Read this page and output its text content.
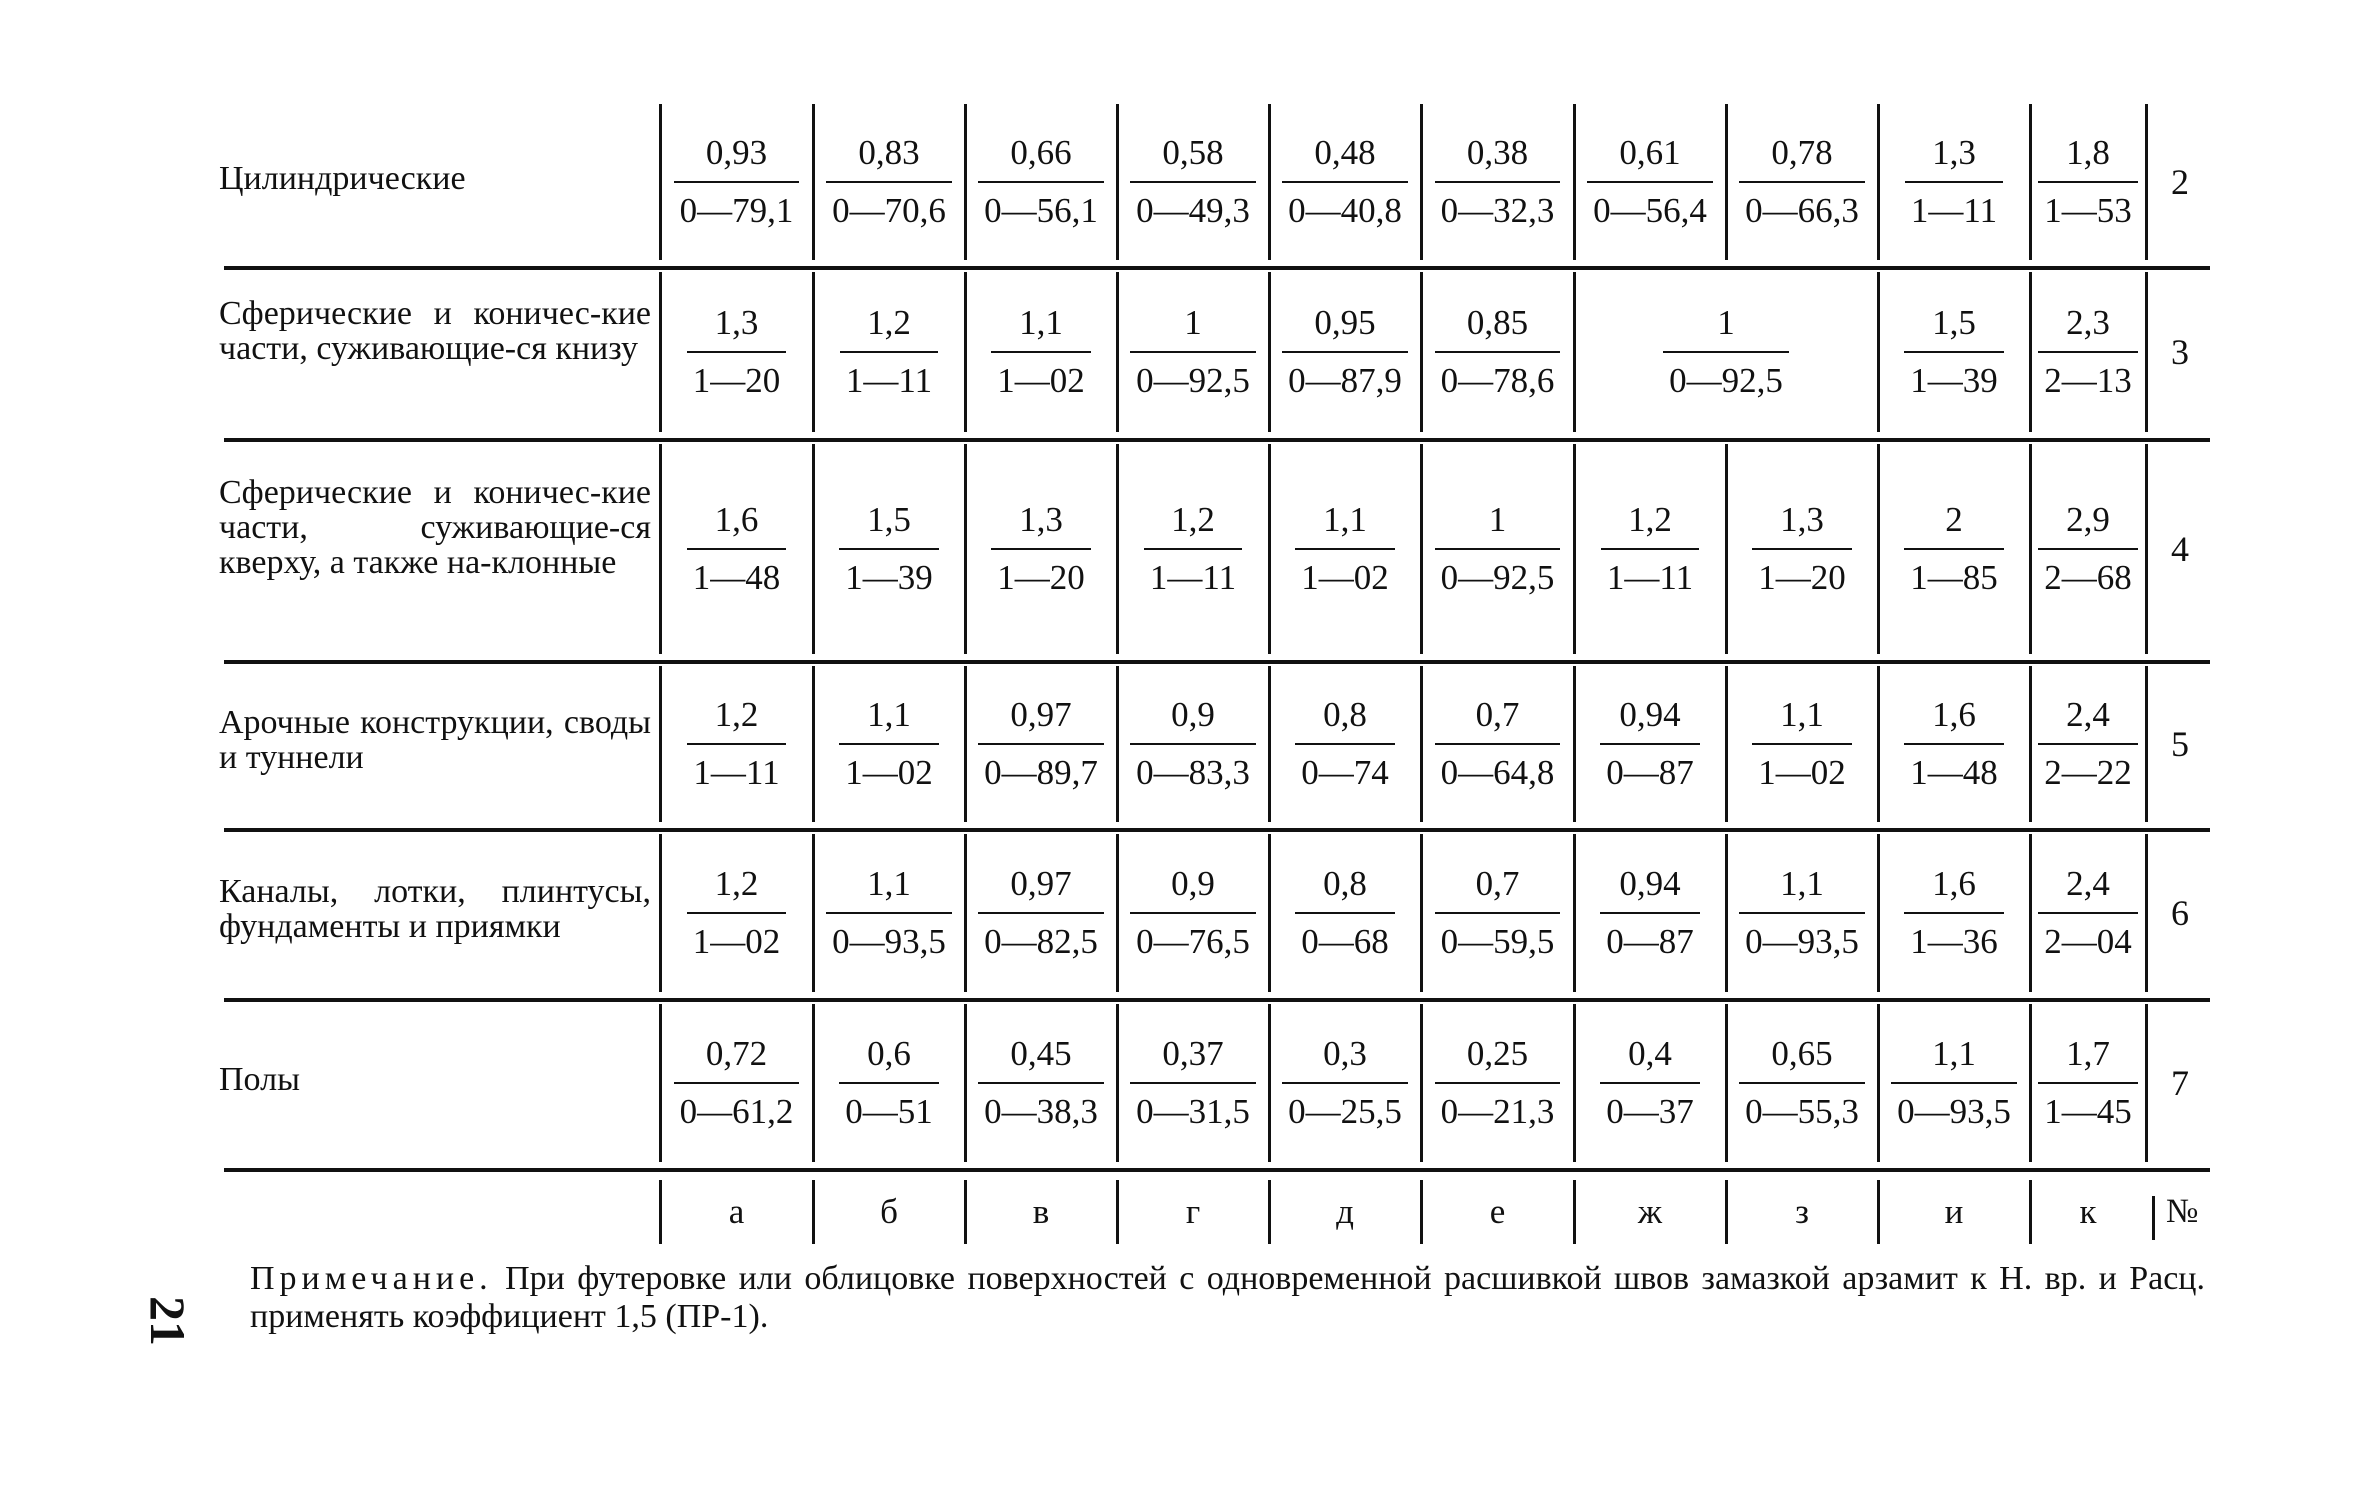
Цилиндрические	$\frac{0,93}{0—79,1} \frac{0,83}{0—70,6} \frac{0,66}{0—56,1} \frac{0,58}{0—49,3} \frac{0,48}{0—40,8} \frac{0,38}{0—32,3} \frac{0,61}{0—56,4} \frac{0,78}{0—66,3} \frac{1,3}{1—11} \frac{1,8}{1—53} 2$
Сферические и коничес-кие части, суживающие-ся книзу $\frac{1,3}{1—20} \frac{1,2}{1—11} \frac{1,1}{1—02} \frac{1}{0—92,5} \frac{0,95}{0—87,9} \frac{0,85}{0—78,6} \frac{1}{0—92,5} \frac{1,5}{1—39} \frac{2,3}{2—13} 3$
Сферические и коничес-кие части, суживающие-ся кверху, а также на-клонные	$\frac{1,6}{1—48} \frac{1,5}{1—39} \frac{1,3}{1—20} \frac{1,2}{1—11} \frac{1,1}{1—02} \frac{1}{0—92,5} \frac{1,2}{1—11} \frac{1,3}{1—20} \frac{2}{1—85} \frac{2,9}{2—68} 4$
Арочные конструкции, своды и туннели	$\frac{1,2}{1—11} \frac{1,1}{1—02} \frac{0,97}{0—89,7} \frac{0,9}{0—83,3} \frac{0,8}{0—74} \frac{0,7}{0—64,8} \frac{0,94}{0—87} \frac{1,1}{1—02} \frac{1,6}{1—48} \frac{2,4}{2—22} 5$
Каналы, лотки, плинтусы, фундаменты и приямки	$\frac{1,2}{1—02} \frac{1,1}{0—93,5} \frac{0,97}{0—82,5} \frac{0,9}{0—76,5} \frac{0,8}{0—68} \frac{0,7}{0—59,5} \frac{0,94}{0—87} \frac{1,1}{0—93,5} \frac{1,6}{1—36} \frac{2,4}{2—04} 6$
Полы	$\frac{0,72}{0—61,2} \frac{0,6}{0—51} \frac{0,45}{0—38,3} \frac{0,37}{0—31,5} \frac{0,3}{0—25,5} \frac{0,25}{0—21,3} \frac{0,4}{0—37} \frac{0,65}{0—55,3} \frac{1,1}{0—93,5} \frac{1,7}{1—45} 7$
а	б	в	г	д	е	ж	з	и	к	№
Примечание. При футеровке или облицовке поверхностей с одновременной расшивкой швов замазкой арзамит к Н. вр. и Расц. применять коэффициент 1,5 (ПР-1).
21
